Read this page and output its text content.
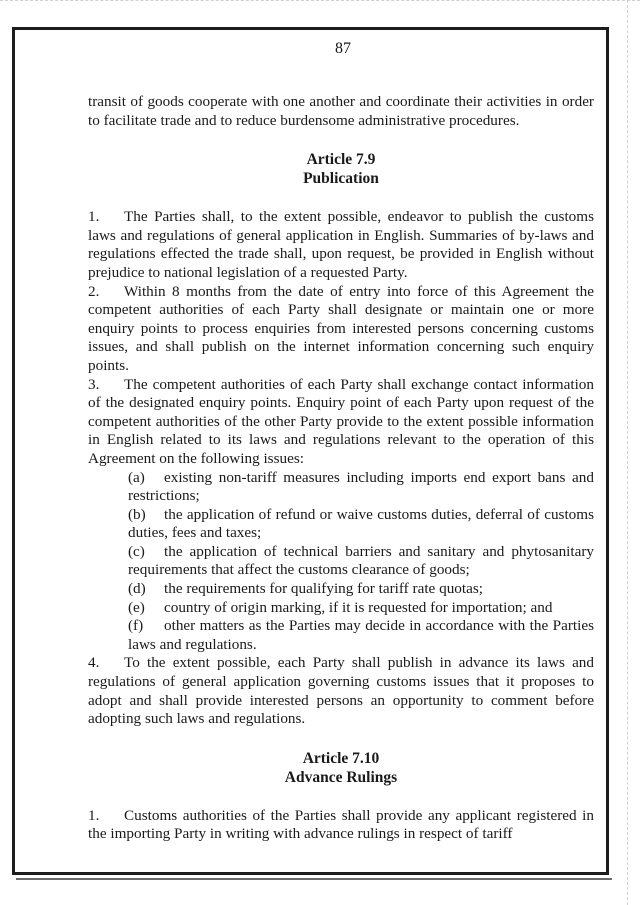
87

transit of goods cooperate with one another and coordinate their activities in order to facilitate trade and to reduce burdensome administrative procedures.

Article 7.9
Publication

1. The Parties shall, to the extent possible, endeavor to publish the customs laws and regulations of general application in English. Summaries of by-laws and regulations effected the trade shall, upon request, be provided in English without prejudice to national legislation of a requested Party.

2. Within 8 months from the date of entry into force of this Agreement the competent authorities of each Party shall designate or maintain one or more enquiry points to process enquiries from interested persons concerning customs issues, and shall publish on the internet information concerning such enquiry points.

3. The competent authorities of each Party shall exchange contact information of the designated enquiry points. Enquiry point of each Party upon request of the competent authorities of the other Party provide to the extent possible information in English related to its laws and regulations relevant to the operation of this Agreement on the following issues:

(a) existing non-tariff measures including imports end export bans and restrictions;

(b) the application of refund or waive customs duties, deferral of customs duties, fees and taxes;

(c) the application of technical barriers and sanitary and phytosanitary requirements that affect the customs clearance of goods;

(d) the requirements for qualifying for tariff rate quotas;

(e) country of origin marking, if it is requested for importation; and

(f) other matters as the Parties may decide in accordance with the Parties laws and regulations.

4. To the extent possible, each Party shall publish in advance its laws and regulations of general application governing customs issues that it proposes to adopt and shall provide interested persons an opportunity to comment before adopting such laws and regulations.

Article 7.10
Advance Rulings

1. Customs authorities of the Parties shall provide any applicant registered in the importing Party in writing with advance rulings in respect of tariff
